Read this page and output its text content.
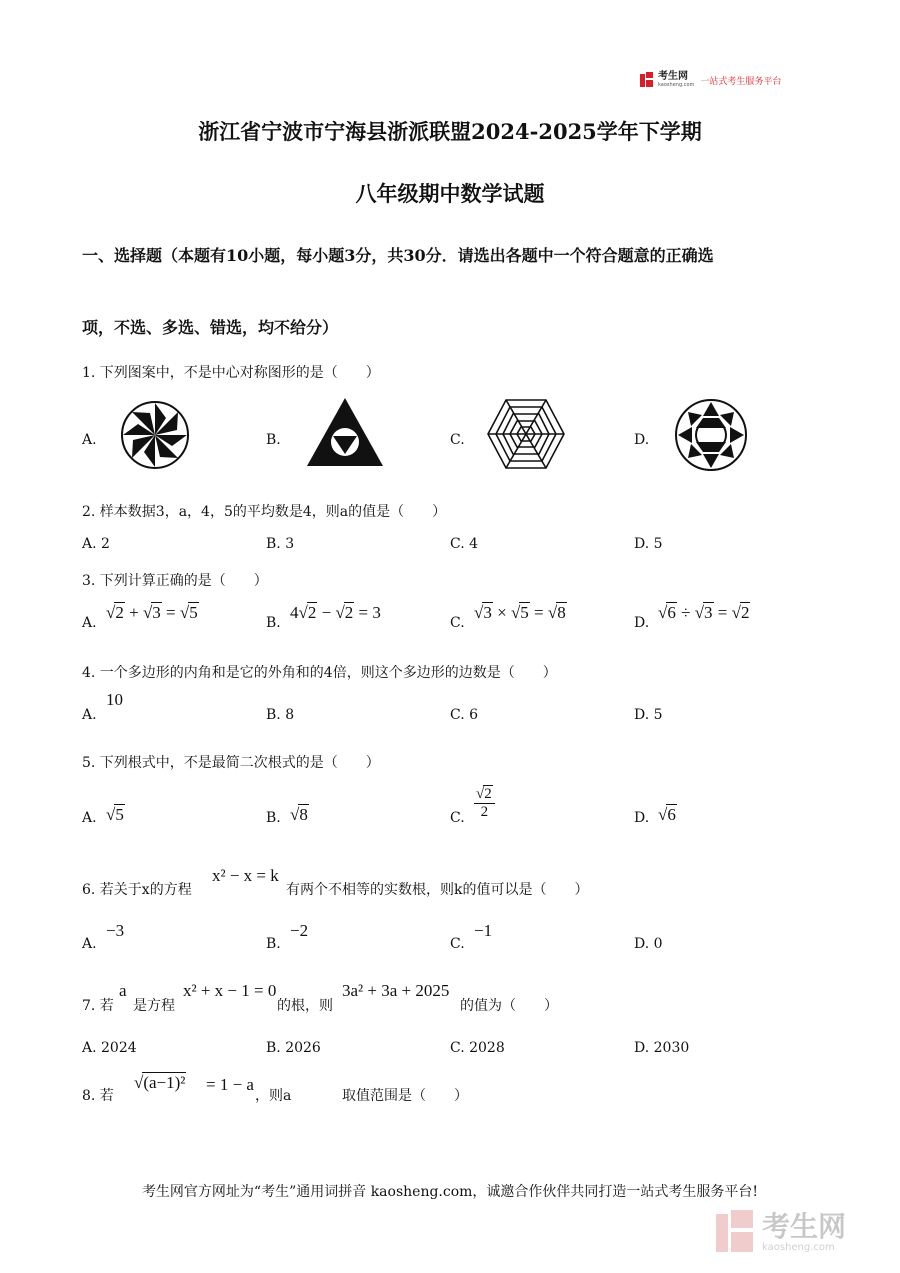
考生网
kaosheng.com 一站式考生服务平台
浙江省宁波市宁海县浙派联盟2024-2025学年下学期
八年级期中数学试题
一、选择题（本题有10小题，每小题3分，共30分．请选出各题中一个符合题意的正确选
项，不选、多选、错选，均不给分）
1. 下列图案中，不是中心对称图形的是（　　）
A.	B.	C.	D.
2. 样本数据3，a，4，5的平均数是4，则a的值是（　　）
A. 2	B. 3	C. 4	D. 5
3. 下列计算正确的是（　　）
A.	B.	C.	D.
√2 + √3 = √5	4√2 − √2 = 3	√3 × √5 = √8	√6 ÷ √3 = √2
4. 一个多边形的内角和是它的外角和的4倍，则这个多边形的边数是（　　）
A.
10
B. 8	C. 6	D. 5
5. 下列根式中，不是最简二次根式的是（　　）
A. √5	B. √8	C. $\frac{√2}{2}$	D. √6
6. 若关于x的方程
x² − x = k
有两个不相等的实数根，则k的值可以是（　　）
A.
−3
B.
−2
C.
−1
D. 0
7. 若
a
是方程
x² + x − 1 = 0
的根，则
3a² + 3a + 2025
的值为（　　）
A. 2024	B. 2026	C. 2028	D. 2030
8. 若
√(a−1)² = 1 − a
，则a	取值范围是（　　）
考生网官方网址为“考生”通用词拼音 kaosheng.com，诚邀合作伙伴共同打造一站式考生服务平台!
考生网
kaosheng.com
